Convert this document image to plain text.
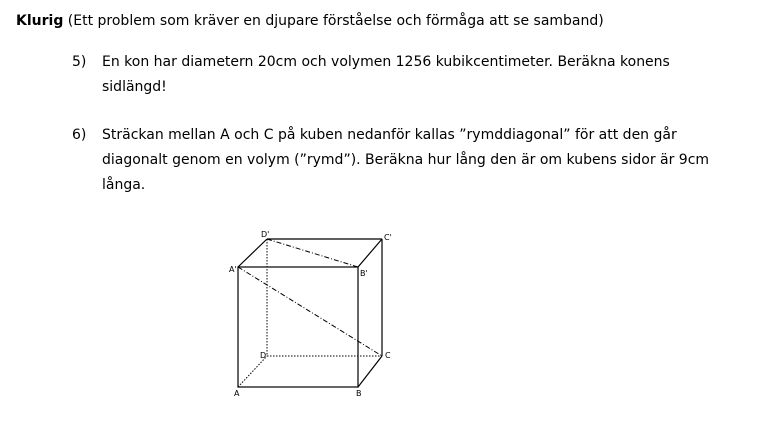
Klurig (Ett problem som kräver en djupare förståelse och förmåga att se samband)
5) En kon har diametern 20cm och volymen 1256 kubikcentimeter. Beräkna konens
sidlängd!
6) Sträckan mellan A och C på kuben nedanför kallas ”rymddiagonal” för att den går
diagonalt genom en volym (”rymd”). Beräkna hur lång den är om kubens sidor är 9cm
långa.
D'	C'
A'	B'
D	C
A	B
